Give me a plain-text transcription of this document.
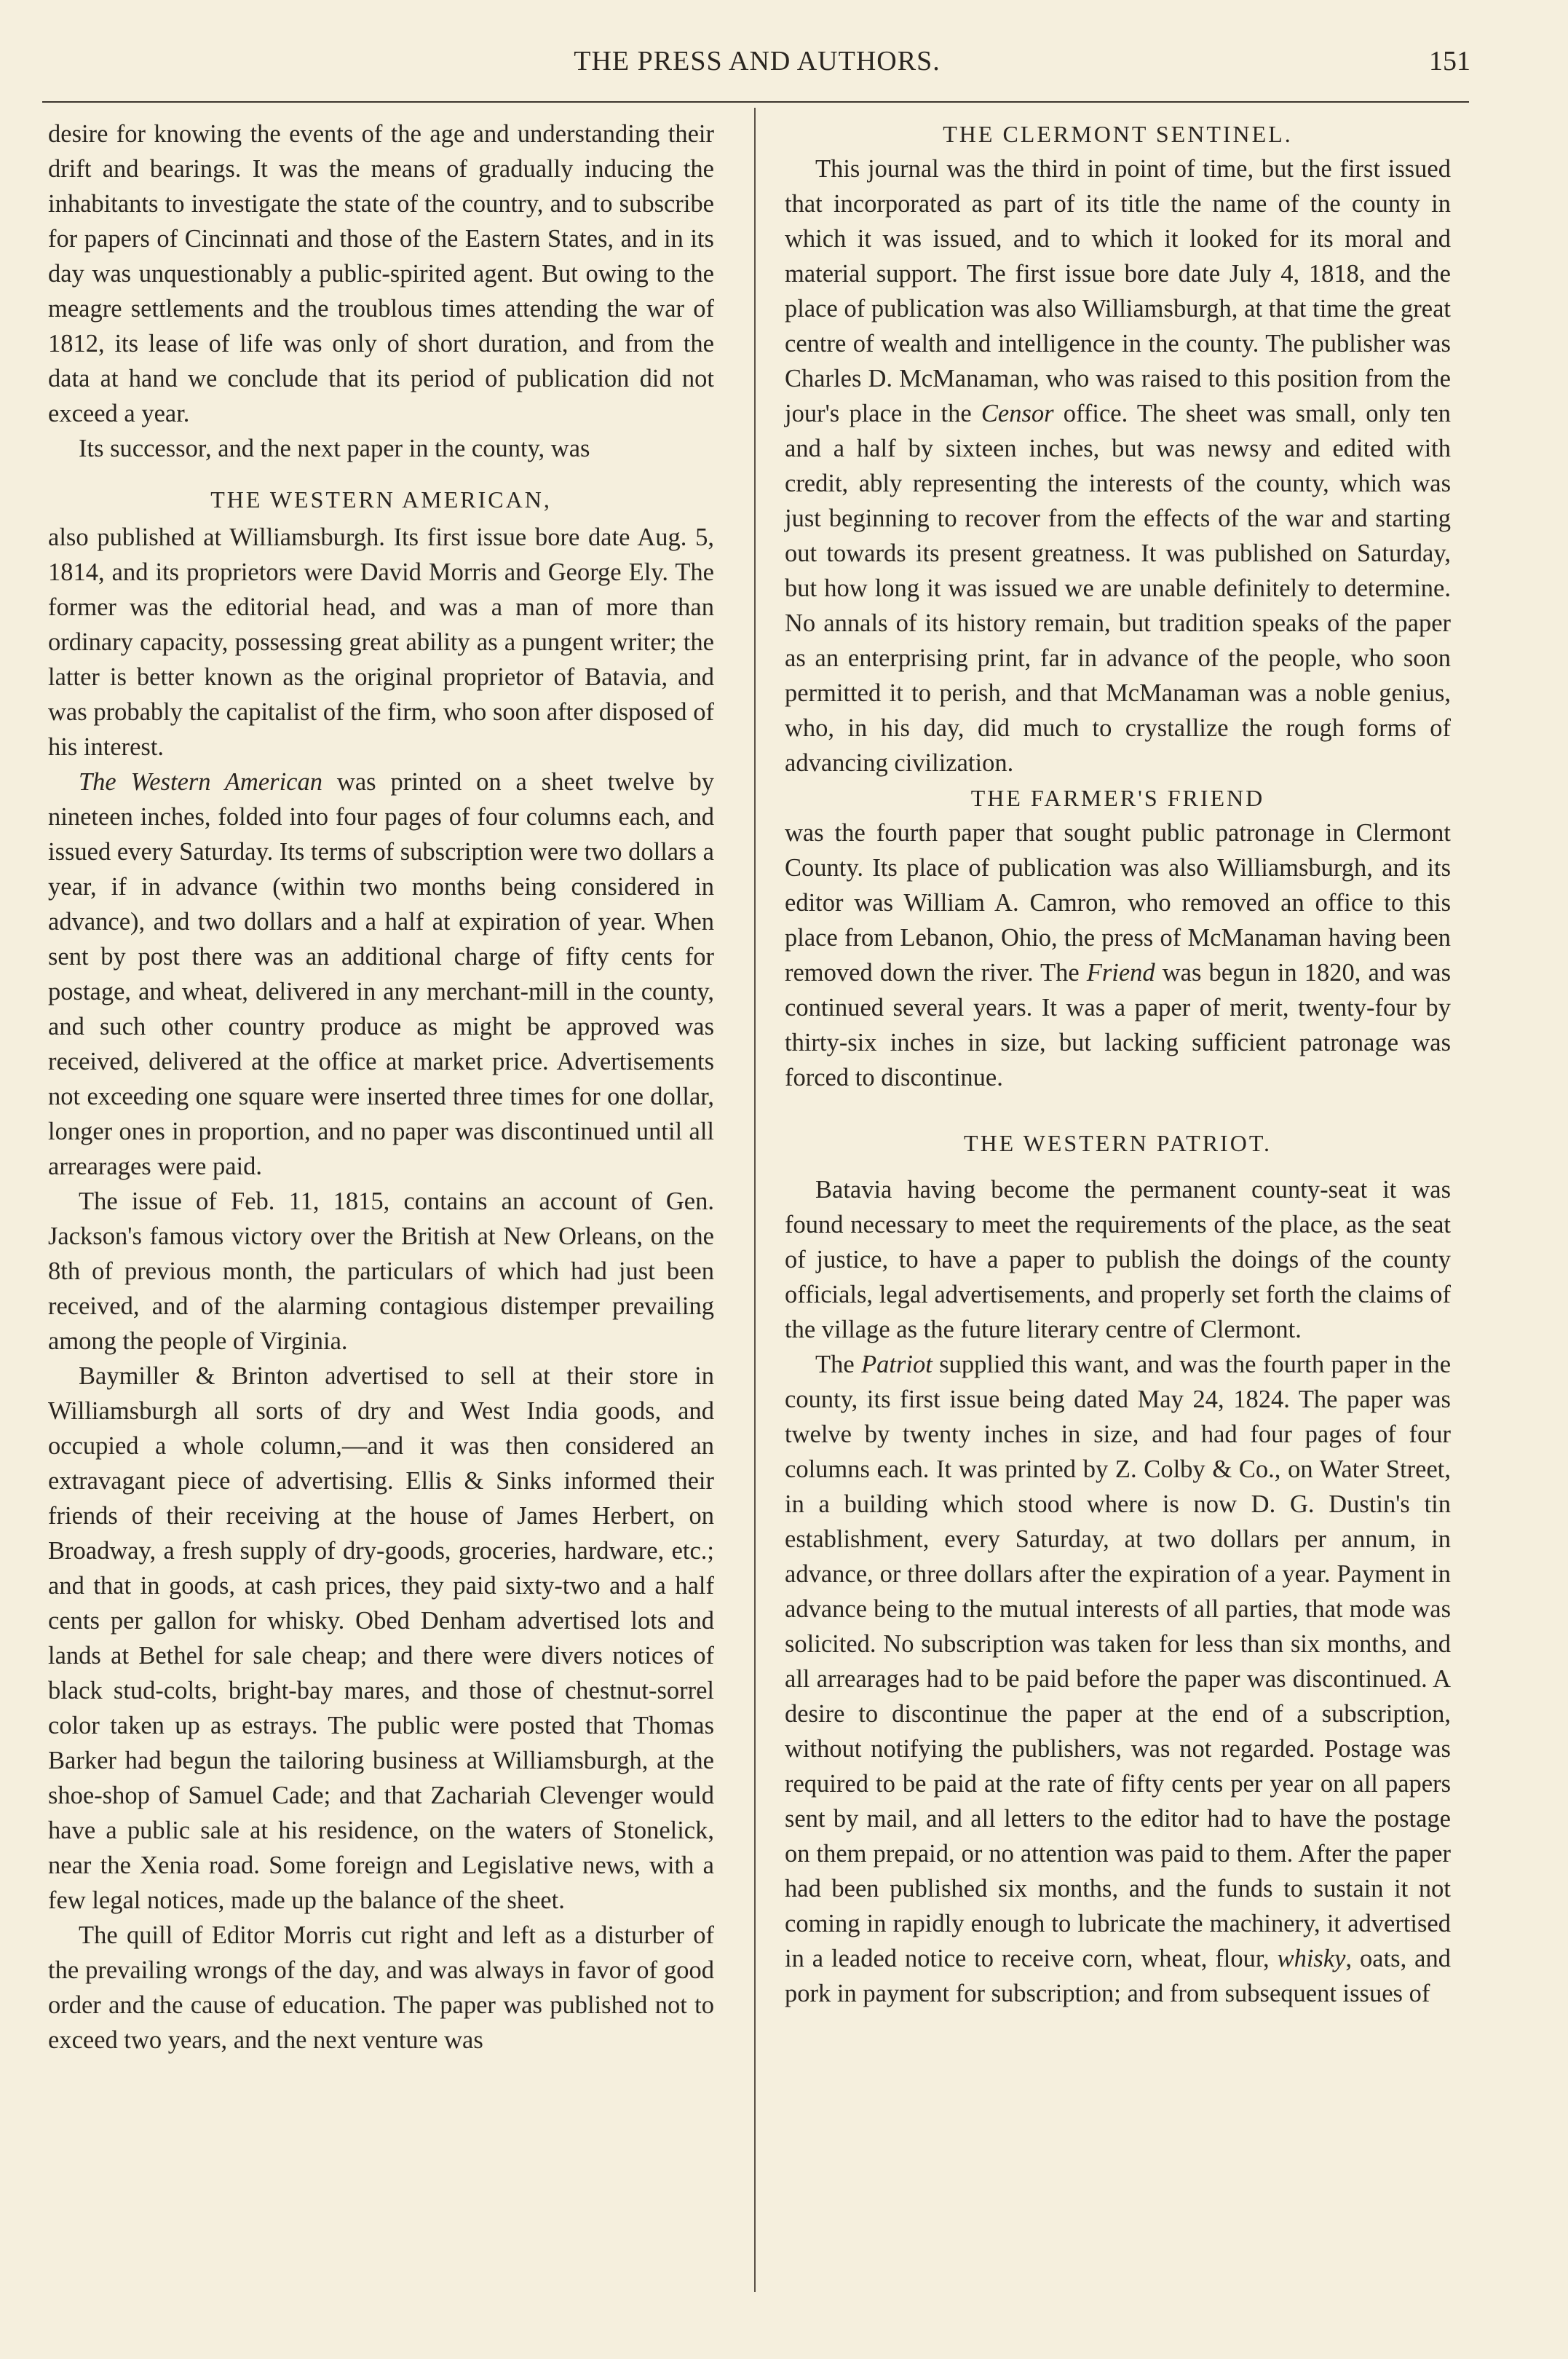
THE PRESS AND AUTHORS.	151

desire for knowing the events of the age and understanding their drift and bearings. It was the means of gradually inducing the inhabitants to investigate the state of the country, and to subscribe for papers of Cincinnati and those of the Eastern States, and in its day was unquestionably a public-spirited agent. But owing to the meagre settlements and the troublous times attending the war of 1812, its lease of life was only of short duration, and from the data at hand we conclude that its period of publication did not exceed a year.

Its successor, and the next paper in the county, was

THE WESTERN AMERICAN,

also published at Williamsburgh. Its first issue bore date Aug. 5, 1814, and its proprietors were David Morris and George Ely. The former was the editorial head, and was a man of more than ordinary capacity, possessing great ability as a pungent writer; the latter is better known as the original proprietor of Batavia, and was probably the capitalist of the firm, who soon after disposed of his interest.

The Western American was printed on a sheet twelve by nineteen inches, folded into four pages of four columns each, and issued every Saturday. Its terms of subscription were two dollars a year, if in advance (within two months being considered in advance), and two dollars and a half at expiration of year. When sent by post there was an additional charge of fifty cents for postage, and wheat, delivered in any merchant-mill in the county, and such other country produce as might be approved was received, delivered at the office at market price. Advertisements not exceeding one square were inserted three times for one dollar, longer ones in proportion, and no paper was discontinued until all arrearages were paid.

The issue of Feb. 11, 1815, contains an account of Gen. Jackson's famous victory over the British at New Orleans, on the 8th of previous month, the particulars of which had just been received, and of the alarming contagious distemper prevailing among the people of Virginia.

Baymiller & Brinton advertised to sell at their store in Williamsburgh all sorts of dry and West India goods, and occupied a whole column,—and it was then considered an extravagant piece of advertising. Ellis & Sinks informed their friends of their receiving at the house of James Herbert, on Broadway, a fresh supply of dry-goods, groceries, hardware, etc.; and that in goods, at cash prices, they paid sixty-two and a half cents per gallon for whisky. Obed Denham advertised lots and lands at Bethel for sale cheap; and there were divers notices of black stud-colts, bright-bay mares, and those of chestnut-sorrel color taken up as estrays. The public were posted that Thomas Barker had begun the tailoring business at Williamsburgh, at the shoe-shop of Samuel Cade; and that Zachariah Clevenger would have a public sale at his residence, on the waters of Stonelick, near the Xenia road. Some foreign and Legislative news, with a few legal notices, made up the balance of the sheet.

The quill of Editor Morris cut right and left as a disturber of the prevailing wrongs of the day, and was always in favor of good order and the cause of education. The paper was published not to exceed two years, and the next venture was

THE CLERMONT SENTINEL.

This journal was the third in point of time, but the first issued that incorporated as part of its title the name of the county in which it was issued, and to which it looked for its moral and material support. The first issue bore date July 4, 1818, and the place of publication was also Williamsburgh, at that time the great centre of wealth and intelligence in the county. The publisher was Charles D. McManaman, who was raised to this position from the jour's place in the Censor office. The sheet was small, only ten and a half by sixteen inches, but was newsy and edited with credit, ably representing the interests of the county, which was just beginning to recover from the effects of the war and starting out towards its present greatness. It was published on Saturday, but how long it was issued we are unable definitely to determine. No annals of its history remain, but tradition speaks of the paper as an enterprising print, far in advance of the people, who soon permitted it to perish, and that McManaman was a noble genius, who, in his day, did much to crystallize the rough forms of advancing civilization.

THE FARMER'S FRIEND

was the fourth paper that sought public patronage in Clermont County. Its place of publication was also Williamsburgh, and its editor was William A. Camron, who removed an office to this place from Lebanon, Ohio, the press of McManaman having been removed down the river. The Friend was begun in 1820, and was continued several years. It was a paper of merit, twenty-four by thirty-six inches in size, but lacking sufficient patronage was forced to discontinue.

THE WESTERN PATRIOT.

Batavia having become the permanent county-seat it was found necessary to meet the requirements of the place, as the seat of justice, to have a paper to publish the doings of the county officials, legal advertisements, and properly set forth the claims of the village as the future literary centre of Clermont.

The Patriot supplied this want, and was the fourth paper in the county, its first issue being dated May 24, 1824. The paper was twelve by twenty inches in size, and had four pages of four columns each. It was printed by Z. Colby & Co., on Water Street, in a building which stood where is now D. G. Dustin's tin establishment, every Saturday, at two dollars per annum, in advance, or three dollars after the expiration of a year. Payment in advance being to the mutual interests of all parties, that mode was solicited. No subscription was taken for less than six months, and all arrearages had to be paid before the paper was discontinued. A desire to discontinue the paper at the end of a subscription, without notifying the publishers, was not regarded. Postage was required to be paid at the rate of fifty cents per year on all papers sent by mail, and all letters to the editor had to have the postage on them prepaid, or no attention was paid to them. After the paper had been published six months, and the funds to sustain it not coming in rapidly enough to lubricate the machinery, it advertised in a leaded notice to receive corn, wheat, flour, whisky, oats, and pork in payment for subscription; and from subsequent issues of
